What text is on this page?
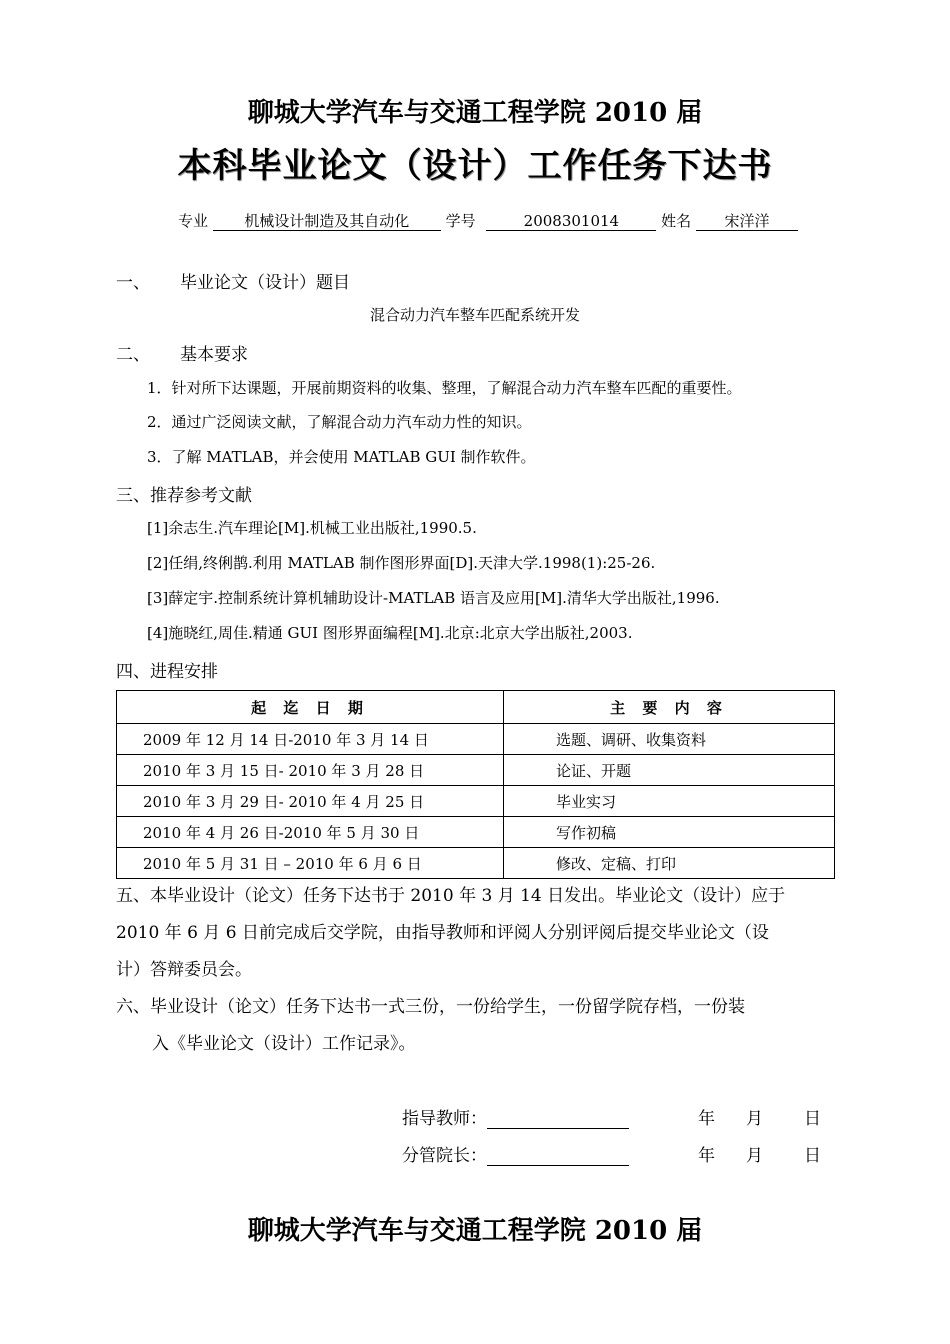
聊城大学汽车与交通工程学院 2010 届
本科毕业论文（设计）工作任务下达书
专业 机械设计制造及其自动化 学号	2008301014	姓名 宋洋洋
一、 毕业论文（设计）题目
混合动力汽车整车匹配系统开发
二、 基本要求
1．针对所下达课题，开展前期资料的收集、整理，了解混合动力汽车整车匹配的重要性。
2．通过广泛阅读文献，了解混合动力汽车动力性的知识。
3．了解 MATLAB，并会使用 MATLAB GUI 制作软件。
三、推荐参考文献
[1]余志生.汽车理论[M].机械工业出版社,1990.5.
[2]任绢,终俐鹊.利用 MATLAB 制作图形界面[D].天津大学.1998(1):25-26.
[3]薛定宇.控制系统计算机辅助设计-MATLAB 语言及应用[M].清华大学出版社,1996.
[4]施晓红,周佳.精通 GUI 图形界面编程[M].北京:北京大学出版社,2003.
四、进程安排
起 迄 日 期	主 要 内 容
2009 年 12 月 14 日-2010 年 3 月 14 日	选题、调研、收集资料
2010 年 3 月 15 日- 2010 年 3 月 28 日	论证、开题
2010 年 3 月 29 日- 2010 年 4 月 25 日	毕业实习
2010 年 4 月 26 日-2010 年 5 月 30 日	写作初稿
2010 年 5 月 31 日 – 2010 年 6 月 6 日	修改、定稿、打印
五、本毕业设计（论文）任务下达书于 2010 年 3 月 14 日发出。毕业论文（设计）应于
2010 年 6 月 6 日前完成后交学院，由指导教师和评阅人分别评阅后提交毕业论文（设
计）答辩委员会。
六、毕业设计（论文）任务下达书一式三份，一份给学生，一份留学院存档，一份装
入《毕业论文（设计）工作记录》。
指导教师：	年 月 日
分管院长：	年 月 日
聊城大学汽车与交通工程学院 2010 届
